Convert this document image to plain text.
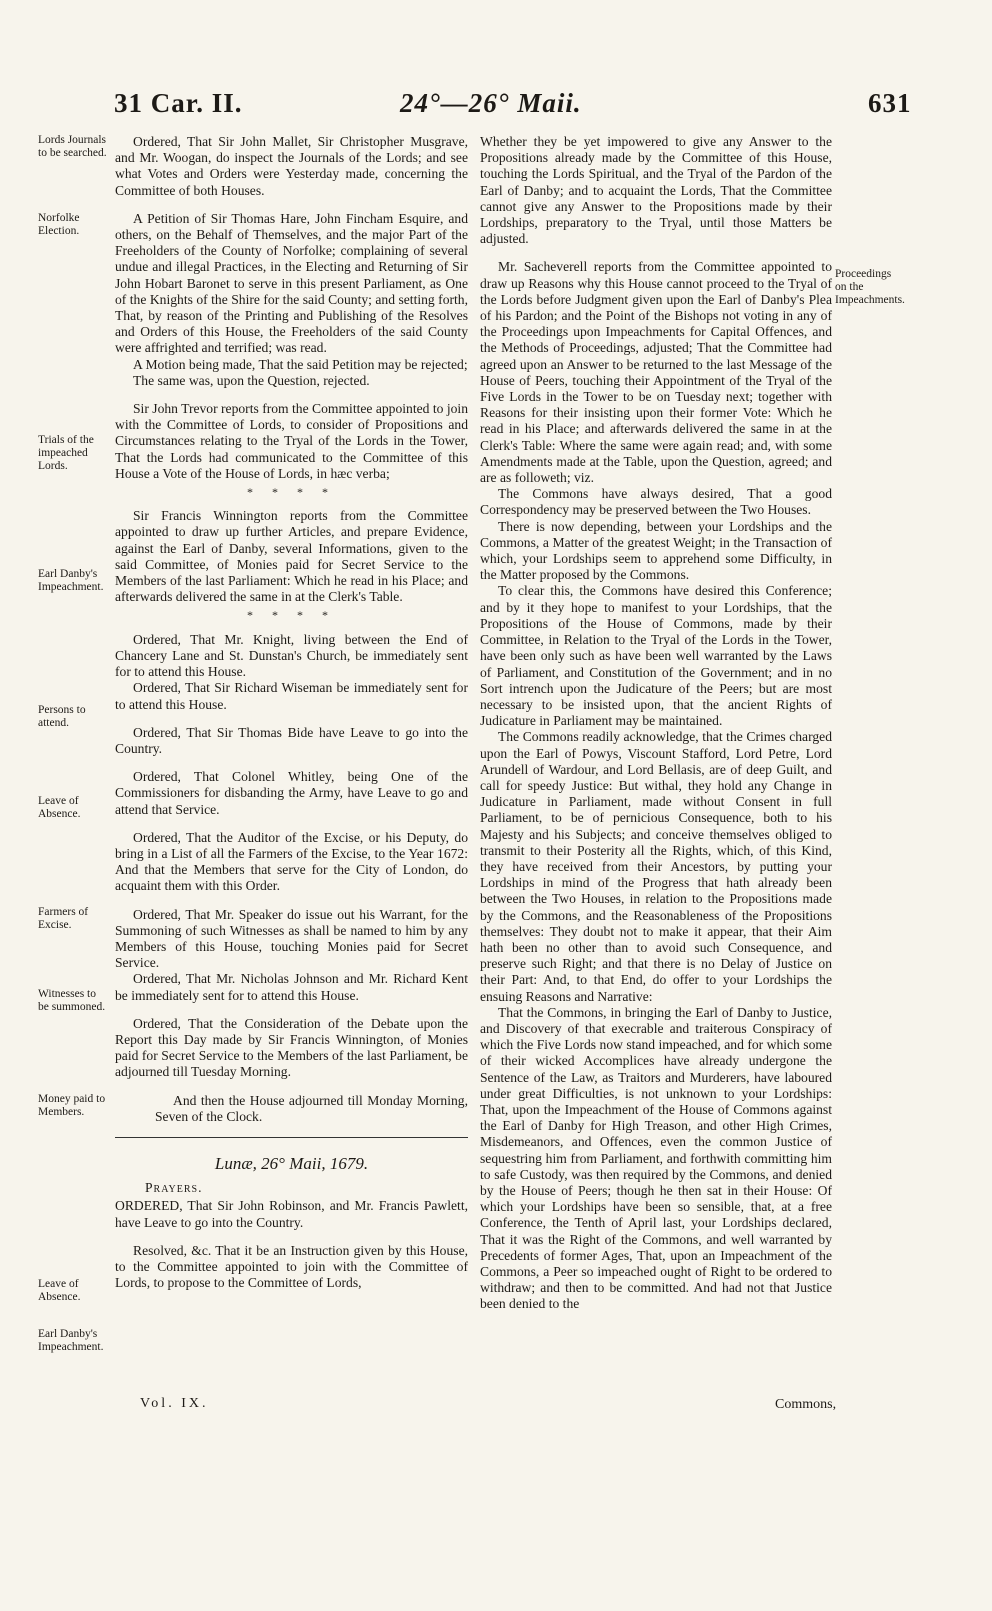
31 Car. II.	24°—26° Maii.	631
Lords Journals to be searched.
Norfolke Election.
Trials of the impeached Lords.
Earl Danby's Impeachment.
Persons to attend.
Leave of Absence.
Farmers of Excise.
Witnesses to be summoned.
Money paid to Members.
Leave of Absence.
Earl Danby's Impeachment.
Proceedings on the Impeachments.

Ordered, That Sir John Mallet, Sir Christopher Musgrave, and Mr. Woogan, do inspect the Journals of the Lords; and see what Votes and Orders were Yesterday made, concerning the Committee of both Houses.

A Petition of Sir Thomas Hare, John Fincham Esquire, and others, on the Behalf of Themselves, and the major Part of the Freeholders of the County of Norfolke; complaining of several undue and illegal Practices, in the Electing and Returning of Sir John Hobart Baronet to serve in this present Parliament, as One of the Knights of the Shire for the said County; and setting forth, That, by reason of the Printing and Publishing of the Resolves and Orders of this House, the Freeholders of the said County were affrighted and terrified; was read.

A Motion being made, That the said Petition may be rejected;

The same was, upon the Question, rejected.

Sir John Trevor reports from the Committee appointed to join with the Committee of Lords, to consider of Propositions and Circumstances relating to the Tryal of the Lords in the Tower, That the Lords had communicated to the Committee of this House a Vote of the House of Lords, in hæc verba;

* * * *

Sir Francis Winnington reports from the Committee appointed to draw up further Articles, and prepare Evidence, against the Earl of Danby, several Informations, given to the said Committee, of Monies paid for Secret Service to the Members of the last Parliament: Which he read in his Place; and afterwards delivered the same in at the Clerk's Table.

* * * *

Ordered, That Mr. Knight, living between the End of Chancery Lane and St. Dunstan's Church, be immediately sent for to attend this House.

Ordered, That Sir Richard Wiseman be immediately sent for to attend this House.

Ordered, That Sir Thomas Bide have Leave to go into the Country.

Ordered, That Colonel Whitley, being One of the Commissioners for disbanding the Army, have Leave to go and attend that Service.

Ordered, That the Auditor of the Excise, or his Deputy, do bring in a List of all the Farmers of the Excise, to the Year 1672: And that the Members that serve for the City of London, do acquaint them with this Order.

Ordered, That Mr. Speaker do issue out his Warrant, for the Summoning of such Witnesses as shall be named to him by any Members of this House, touching Monies paid for Secret Service.

Ordered, That Mr. Nicholas Johnson and Mr. Richard Kent be immediately sent for to attend this House.

Ordered, That the Consideration of the Debate upon the Report this Day made by Sir Francis Winnington, of Monies paid for Secret Service to the Members of the last Parliament, be adjourned till Tuesday Morning.

And then the House adjourned till Monday Morning, Seven of the Clock.

Lunæ, 26° Maii, 1679.
Prayers.

ORDERED, That Sir John Robinson, and Mr. Francis Pawlett, have Leave to go into the Country.

Resolved, &c. That it be an Instruction given by this House, to the Committee appointed to join with the Committee of Lords, to propose to the Committee of Lords,

Whether they be yet impowered to give any Answer to the Propositions already made by the Committee of this House, touching the Lords Spiritual, and the Tryal of the Pardon of the Earl of Danby; and to acquaint the Lords, That the Committee cannot give any Answer to the Propositions made by their Lordships, preparatory to the Tryal, until those Matters be adjusted.

Mr. Sacheverell reports from the Committee appointed to draw up Reasons why this House cannot proceed to the Tryal of the Lords before Judgment given upon the Earl of Danby's Plea of his Pardon; and the Point of the Bishops not voting in any of the Proceedings upon Impeachments for Capital Offences, and the Methods of Proceedings, adjusted; That the Committee had agreed upon an Answer to be returned to the last Message of the House of Peers, touching their Appointment of the Tryal of the Five Lords in the Tower to be on Tuesday next; together with Reasons for their insisting upon their former Vote: Which he read in his Place; and afterwards delivered the same in at the Clerk's Table: Where the same were again read; and, with some Amendments made at the Table, upon the Question, agreed; and are as followeth; viz.

The Commons have always desired, That a good Correspondency may be preserved between the Two Houses.

There is now depending, between your Lordships and the Commons, a Matter of the greatest Weight; in the Transaction of which, your Lordships seem to apprehend some Difficulty, in the Matter proposed by the Commons.

To clear this, the Commons have desired this Conference; and by it they hope to manifest to your Lordships, that the Propositions of the House of Commons, made by their Committee, in Relation to the Tryal of the Lords in the Tower, have been only such as have been well warranted by the Laws of Parliament, and Constitution of the Government; and in no Sort intrench upon the Judicature of the Peers; but are most necessary to be insisted upon, that the ancient Rights of Judicature in Parliament may be maintained.

The Commons readily acknowledge, that the Crimes charged upon the Earl of Powys, Viscount Stafford, Lord Petre, Lord Arundell of Wardour, and Lord Bellasis, are of deep Guilt, and call for speedy Justice: But withal, they hold any Change in Judicature in Parliament, made without Consent in full Parliament, to be of pernicious Consequence, both to his Majesty and his Subjects; and conceive themselves obliged to transmit to their Posterity all the Rights, which, of this Kind, they have received from their Ancestors, by putting your Lordships in mind of the Progress that hath already been between the Two Houses, in relation to the Propositions made by the Commons, and the Reasonableness of the Propositions themselves: They doubt not to make it appear, that their Aim hath been no other than to avoid such Consequence, and preserve such Right; and that there is no Delay of Justice on their Part: And, to that End, do offer to your Lordships the ensuing Reasons and Narrative:

That the Commons, in bringing the Earl of Danby to Justice, and Discovery of that execrable and traiterous Conspiracy of which the Five Lords now stand impeached, and for which some of their wicked Accomplices have already undergone the Sentence of the Law, as Traitors and Murderers, have laboured under great Difficulties, is not unknown to your Lordships: That, upon the Impeachment of the House of Commons against the Earl of Danby for High Treason, and other High Crimes, Misdemeanors, and Offences, even the common Justice of sequestring him from Parliament, and forthwith committing him to safe Custody, was then required by the Commons, and denied by the House of Peers; though he then sat in their House: Of which your Lordships have been so sensible, that, at a free Conference, the Tenth of April last, your Lordships declared, That it was the Right of the Commons, and well warranted by Precedents of former Ages, That, upon an Impeachment of the Commons, a Peer so impeached ought of Right to be ordered to withdraw; and then to be committed. And had not that Justice been denied to the

Vol. IX.	Commons,
